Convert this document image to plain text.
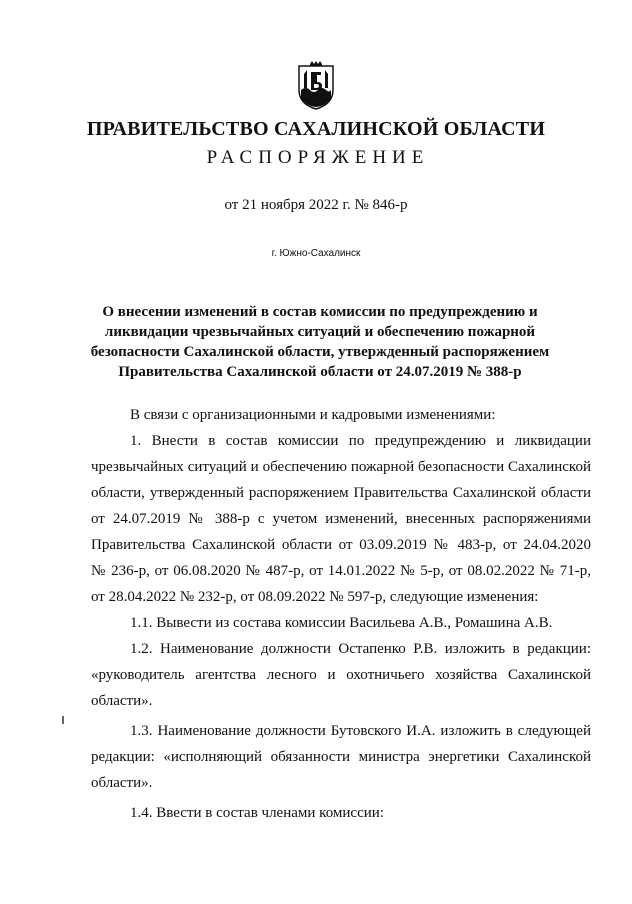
ПРАВИТЕЛЬСТВО САХАЛИНСКОЙ ОБЛАСТИ
РАСПОРЯЖЕНИЕ
от 21 ноября 2022 г. № 846-р
г. Южно-Сахалинск
О внесении изменений в состав комиссии по предупреждению и
ликвидации чрезвычайных ситуаций и обеспечению пожарной
безопасности Сахалинской области, утвержденный распоряжением
Правительства Сахалинской области от 24.07.2019 № 388-р

В связи с организационными и кадровыми изменениями:

1. Внести в состав комиссии по предупреждению и ликвидации

чрезвычайных ситуаций и обеспечению пожарной безопасности Сахалинской

области, утвержденный распоряжением Правительства Сахалинской области

от 24.07.2019 № 388-р с учетом изменений, внесенных распоряжениями

Правительства Сахалинской области от 03.09.2019 № 483-р, от 24.04.2020

№ 236-р, от 06.08.2020 № 487-р, от 14.01.2022 № 5-р, от 08.02.2022 № 71-р,

от 28.04.2022 № 232-р, от 08.09.2022 № 597-р, следующие изменения:

1.1. Вывести из состава комиссии Васильева А.В., Ромашина А.В.

1.2. Наименование должности Остапенко Р.В. изложить в редакции:

«руководитель агентства лесного и охотничьего хозяйства Сахалинской

области».

1.3. Наименование должности Бутовского И.А. изложить в следующей

редакции: «исполняющий обязанности министра энергетики Сахалинской

области».

1.4. Ввести в состав членами комиссии:
